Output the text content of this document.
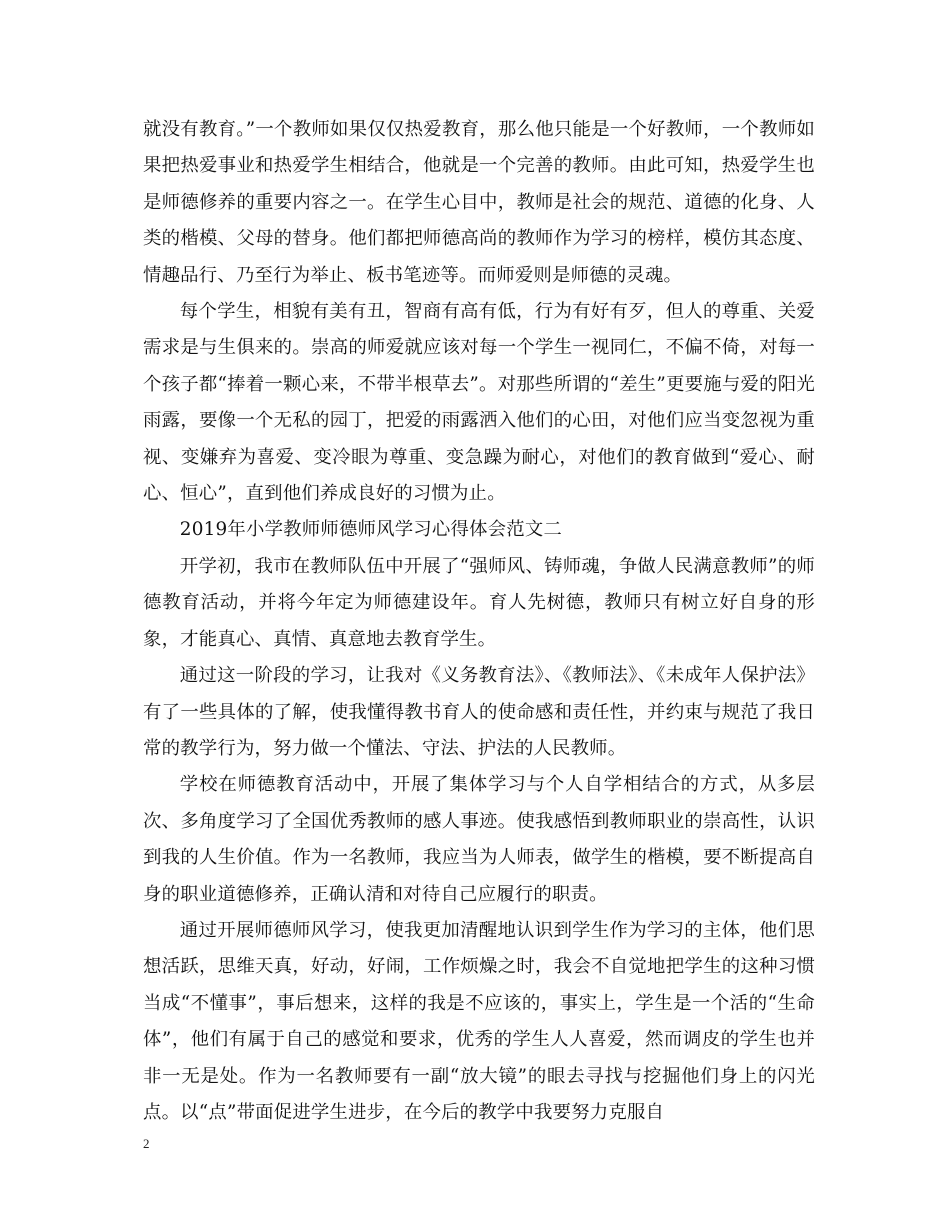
就没有教育。”一个教师如果仅仅热爱教育，那么他只能是一个好教师，一个教师如果把热爱事业和热爱学生相结合，他就是一个完善的教师。由此可知，热爱学生也是师德修养的重要内容之一。在学生心目中，教师是社会的规范、道德的化身、人类的楷模、父母的替身。他们都把师德高尚的教师作为学习的榜样，模仿其态度、情趣品行、乃至行为举止、板书笔迹等。而师爱则是师德的灵魂。

每个学生，相貌有美有丑，智商有高有低，行为有好有歹，但人的尊重、关爱需求是与生俱来的。崇高的师爱就应该对每一个学生一视同仁，不偏不倚，对每一个孩子都“捧着一颗心来，不带半根草去”。对那些所谓的“差生”更要施与爱的阳光雨露，要像一个无私的园丁，把爱的雨露洒入他们的心田，对他们应当变忽视为重视、变嫌弃为喜爱、变冷眼为尊重、变急躁为耐心，对他们的教育做到“爱心、耐心、恒心”，直到他们养成良好的习惯为止。

2019年小学教师师德师风学习心得体会范文二

开学初，我市在教师队伍中开展了“强师风、铸师魂，争做人民满意教师”的师德教育活动，并将今年定为师德建设年。育人先树德，教师只有树立好自身的形象，才能真心、真情、真意地去教育学生。

通过这一阶段的学习，让我对《义务教育法》、《教师法》、《未成年人保护法》有了一些具体的了解，使我懂得教书育人的使命感和责任性，并约束与规范了我日常的教学行为，努力做一个懂法、守法、护法的人民教师。

学校在师德教育活动中，开展了集体学习与个人自学相结合的方式，从多层次、多角度学习了全国优秀教师的感人事迹。使我感悟到教师职业的崇高性，认识到我的人生价值。作为一名教师，我应当为人师表，做学生的楷模，要不断提高自身的职业道德修养，正确认清和对待自己应履行的职责。

通过开展师德师风学习，使我更加清醒地认识到学生作为学习的主体，他们思想活跃，思维天真，好动，好闹，工作烦燥之时，我会不自觉地把学生的这种习惯当成“不懂事”，事后想来，这样的我是不应该的，事实上，学生是一个活的“生命体”，他们有属于自己的感觉和要求，优秀的学生人人喜爱，然而调皮的学生也并非一无是处。作为一名教师要有一副“放大镜”的眼去寻找与挖掘他们身上的闪光点。以“点”带面促进学生进步，在今后的教学中我要努力克服自

2
